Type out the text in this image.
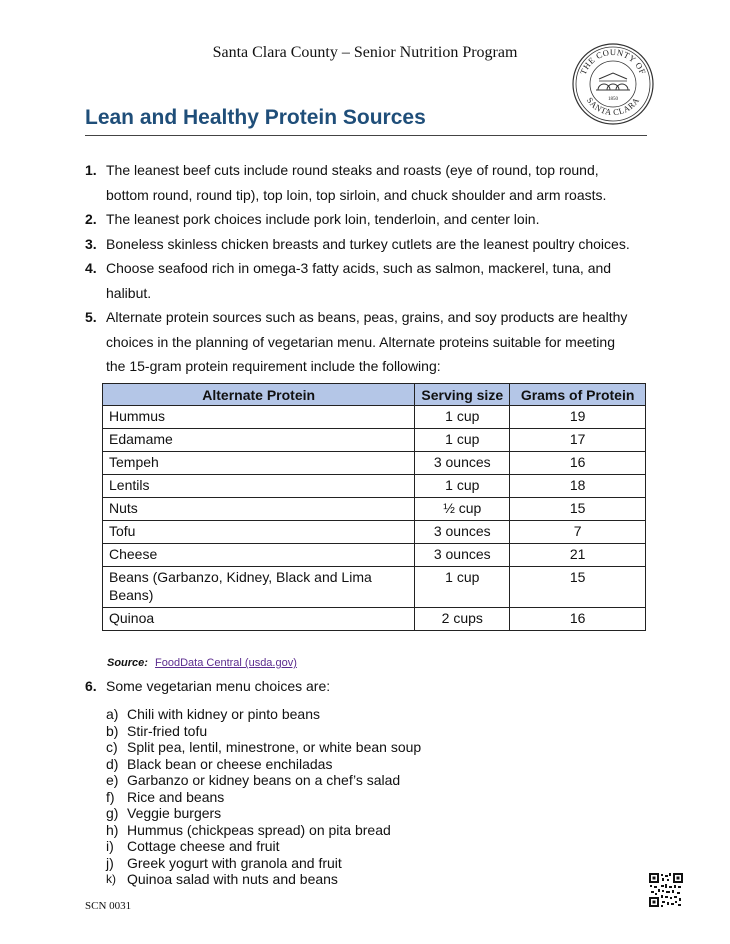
Santa Clara County – Senior Nutrition Program
THE COUNTY OF
SANTA CLARA
1850
Lean and Healthy Protein Sources
1. The leanest beef cuts include round steaks and roasts (eye of round, top round,
bottom round, round tip), top loin, top sirloin, and chuck shoulder and arm roasts.
2. The leanest pork choices include pork loin, tenderloin, and center loin.
3. Boneless skinless chicken breasts and turkey cutlets are the leanest poultry choices.
4. Choose seafood rich in omega-3 fatty acids, such as salmon, mackerel, tuna, and
halibut.
5. Alternate protein sources such as beans, peas, grains, and soy products are healthy
choices in the planning of vegetarian menu. Alternate proteins suitable for meeting
the 15-gram protein requirement include the following:
Alternate Protein	Serving size	Grams of Protein
Hummus	1 cup	19
Edamame	1 cup	17
Tempeh	3 ounces	16
Lentils	1 cup	18
Nuts	½ cup	15
Tofu	3 ounces	7
Cheese	3 ounces	21
Beans (Garbanzo, Kidney, Black and Lima Beans)	1 cup	15
Quinoa	2 cups	16
Source: FoodData Central (usda.gov)
6. Some vegetarian menu choices are:
a) Chili with kidney or pinto beans
b) Stir-fried tofu
c) Split pea, lentil, minestrone, or white bean soup
d) Black bean or cheese enchiladas
e) Garbanzo or kidney beans on a chef’s salad
f) Rice and beans
g) Veggie burgers
h) Hummus (chickpeas spread) on pita bread
i) Cottage cheese and fruit
j) Greek yogurt with granola and fruit
k) Quinoa salad with nuts and beans
SCN 0031
